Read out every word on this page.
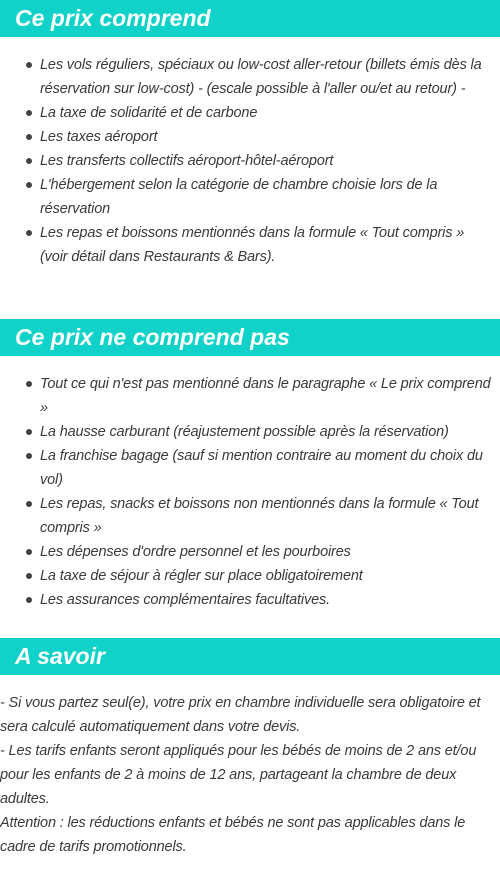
Ce prix comprend
Les vols réguliers, spéciaux ou low-cost aller-retour (billets émis dès la réservation sur low-cost) - (escale possible à l'aller ou/et au retour) -
La taxe de solidarité et de carbone
Les taxes aéroport
Les transferts collectifs aéroport-hôtel-aéroport
L'hébergement selon la catégorie de chambre choisie lors de la réservation
Les repas et boissons mentionnés dans la formule « Tout compris » (voir détail dans Restaurants & Bars).
Ce prix ne comprend pas
Tout ce qui n'est pas mentionné dans le paragraphe « Le prix comprend »
La hausse carburant (réajustement possible après la réservation)
La franchise bagage (sauf si mention contraire au moment du choix du vol)
Les repas, snacks et boissons non mentionnés dans la formule « Tout compris »
Les dépenses d'ordre personnel et les pourboires
La taxe de séjour à régler sur place obligatoirement
Les assurances complémentaires facultatives.
A savoir

- Si vous partez seul(e), votre prix en chambre individuelle sera obligatoire et sera calculé automatiquement dans votre devis.

- Les tarifs enfants seront appliqués pour les bébés de moins de 2 ans et/ou pour les enfants de 2 à moins de 12 ans, partageant la chambre de deux adultes.

Attention : les réductions enfants et bébés ne sont pas applicables dans le cadre de tarifs promotionnels.
